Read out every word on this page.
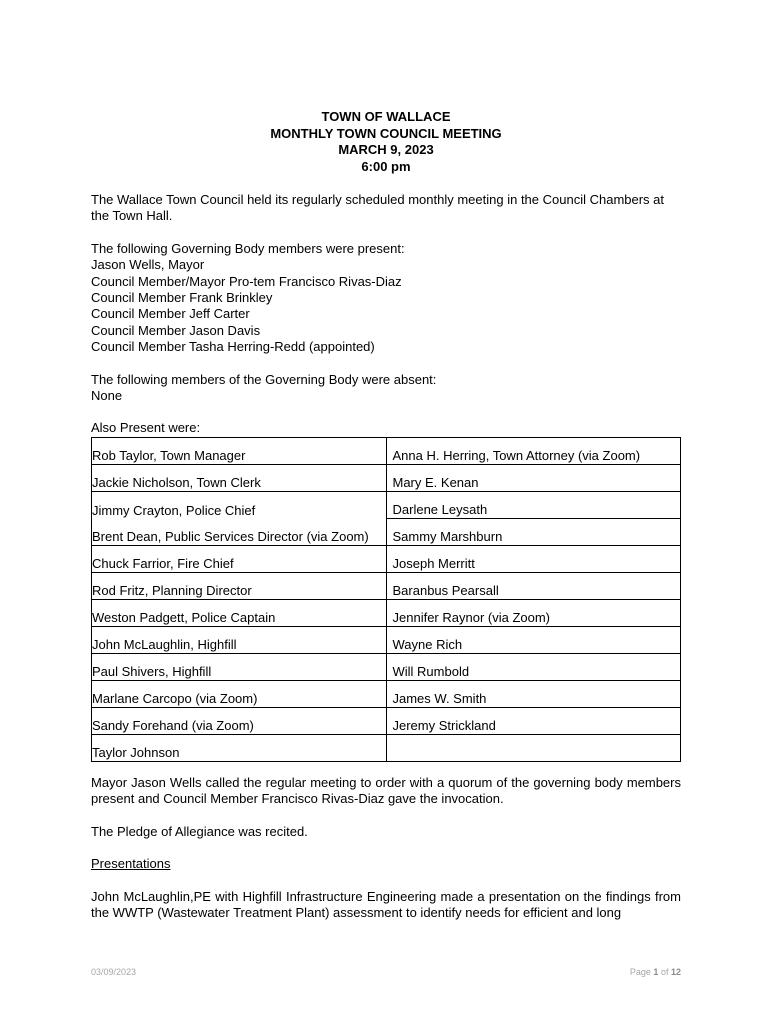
TOWN OF WALLACE
MONTHLY TOWN COUNCIL MEETING
MARCH 9, 2023
6:00 pm

The Wallace Town Council held its regularly scheduled monthly meeting in the Council Chambers at the Town Hall.

The following Governing Body members were present:
Jason Wells, Mayor
Council Member/Mayor Pro-tem Francisco Rivas-Diaz
Council Member Frank Brinkley
Council Member Jeff Carter
Council Member Jason Davis
Council Member Tasha Herring-Redd (appointed)
The following members of the Governing Body were absent:
None
Also Present were:
Rob Taylor, Town Manager	Anna H. Herring, Town Attorney (via Zoom)
Jackie Nicholson, Town Clerk	Mary E. Kenan
Jimmy Crayton, Police Chief	Darlene Leysath
Brent Dean, Public Services Director (via Zoom)	Sammy Marshburn
Chuck Farrior, Fire Chief	Joseph Merritt
Rod Fritz, Planning Director	Baranbus Pearsall
Weston Padgett, Police Captain	Jennifer Raynor (via Zoom)
John McLaughlin, Highfill	Wayne Rich
Paul Shivers, Highfill	Will Rumbold
Marlane Carcopo (via Zoom)	James W. Smith
Sandy Forehand (via Zoom)	Jeremy Strickland
Taylor Johnson	

Mayor Jason Wells called the regular meeting to order with a quorum of the governing body members present and Council Member Francisco Rivas-Diaz gave the invocation.

The Pledge of Allegiance was recited.

Presentations

John McLaughlin,PE with Highfill Infrastructure Engineering made a presentation on the findings from the WWTP (Wastewater Treatment Plant) assessment to identify needs for efficient and long

03/09/2023	Page 1 of 12
